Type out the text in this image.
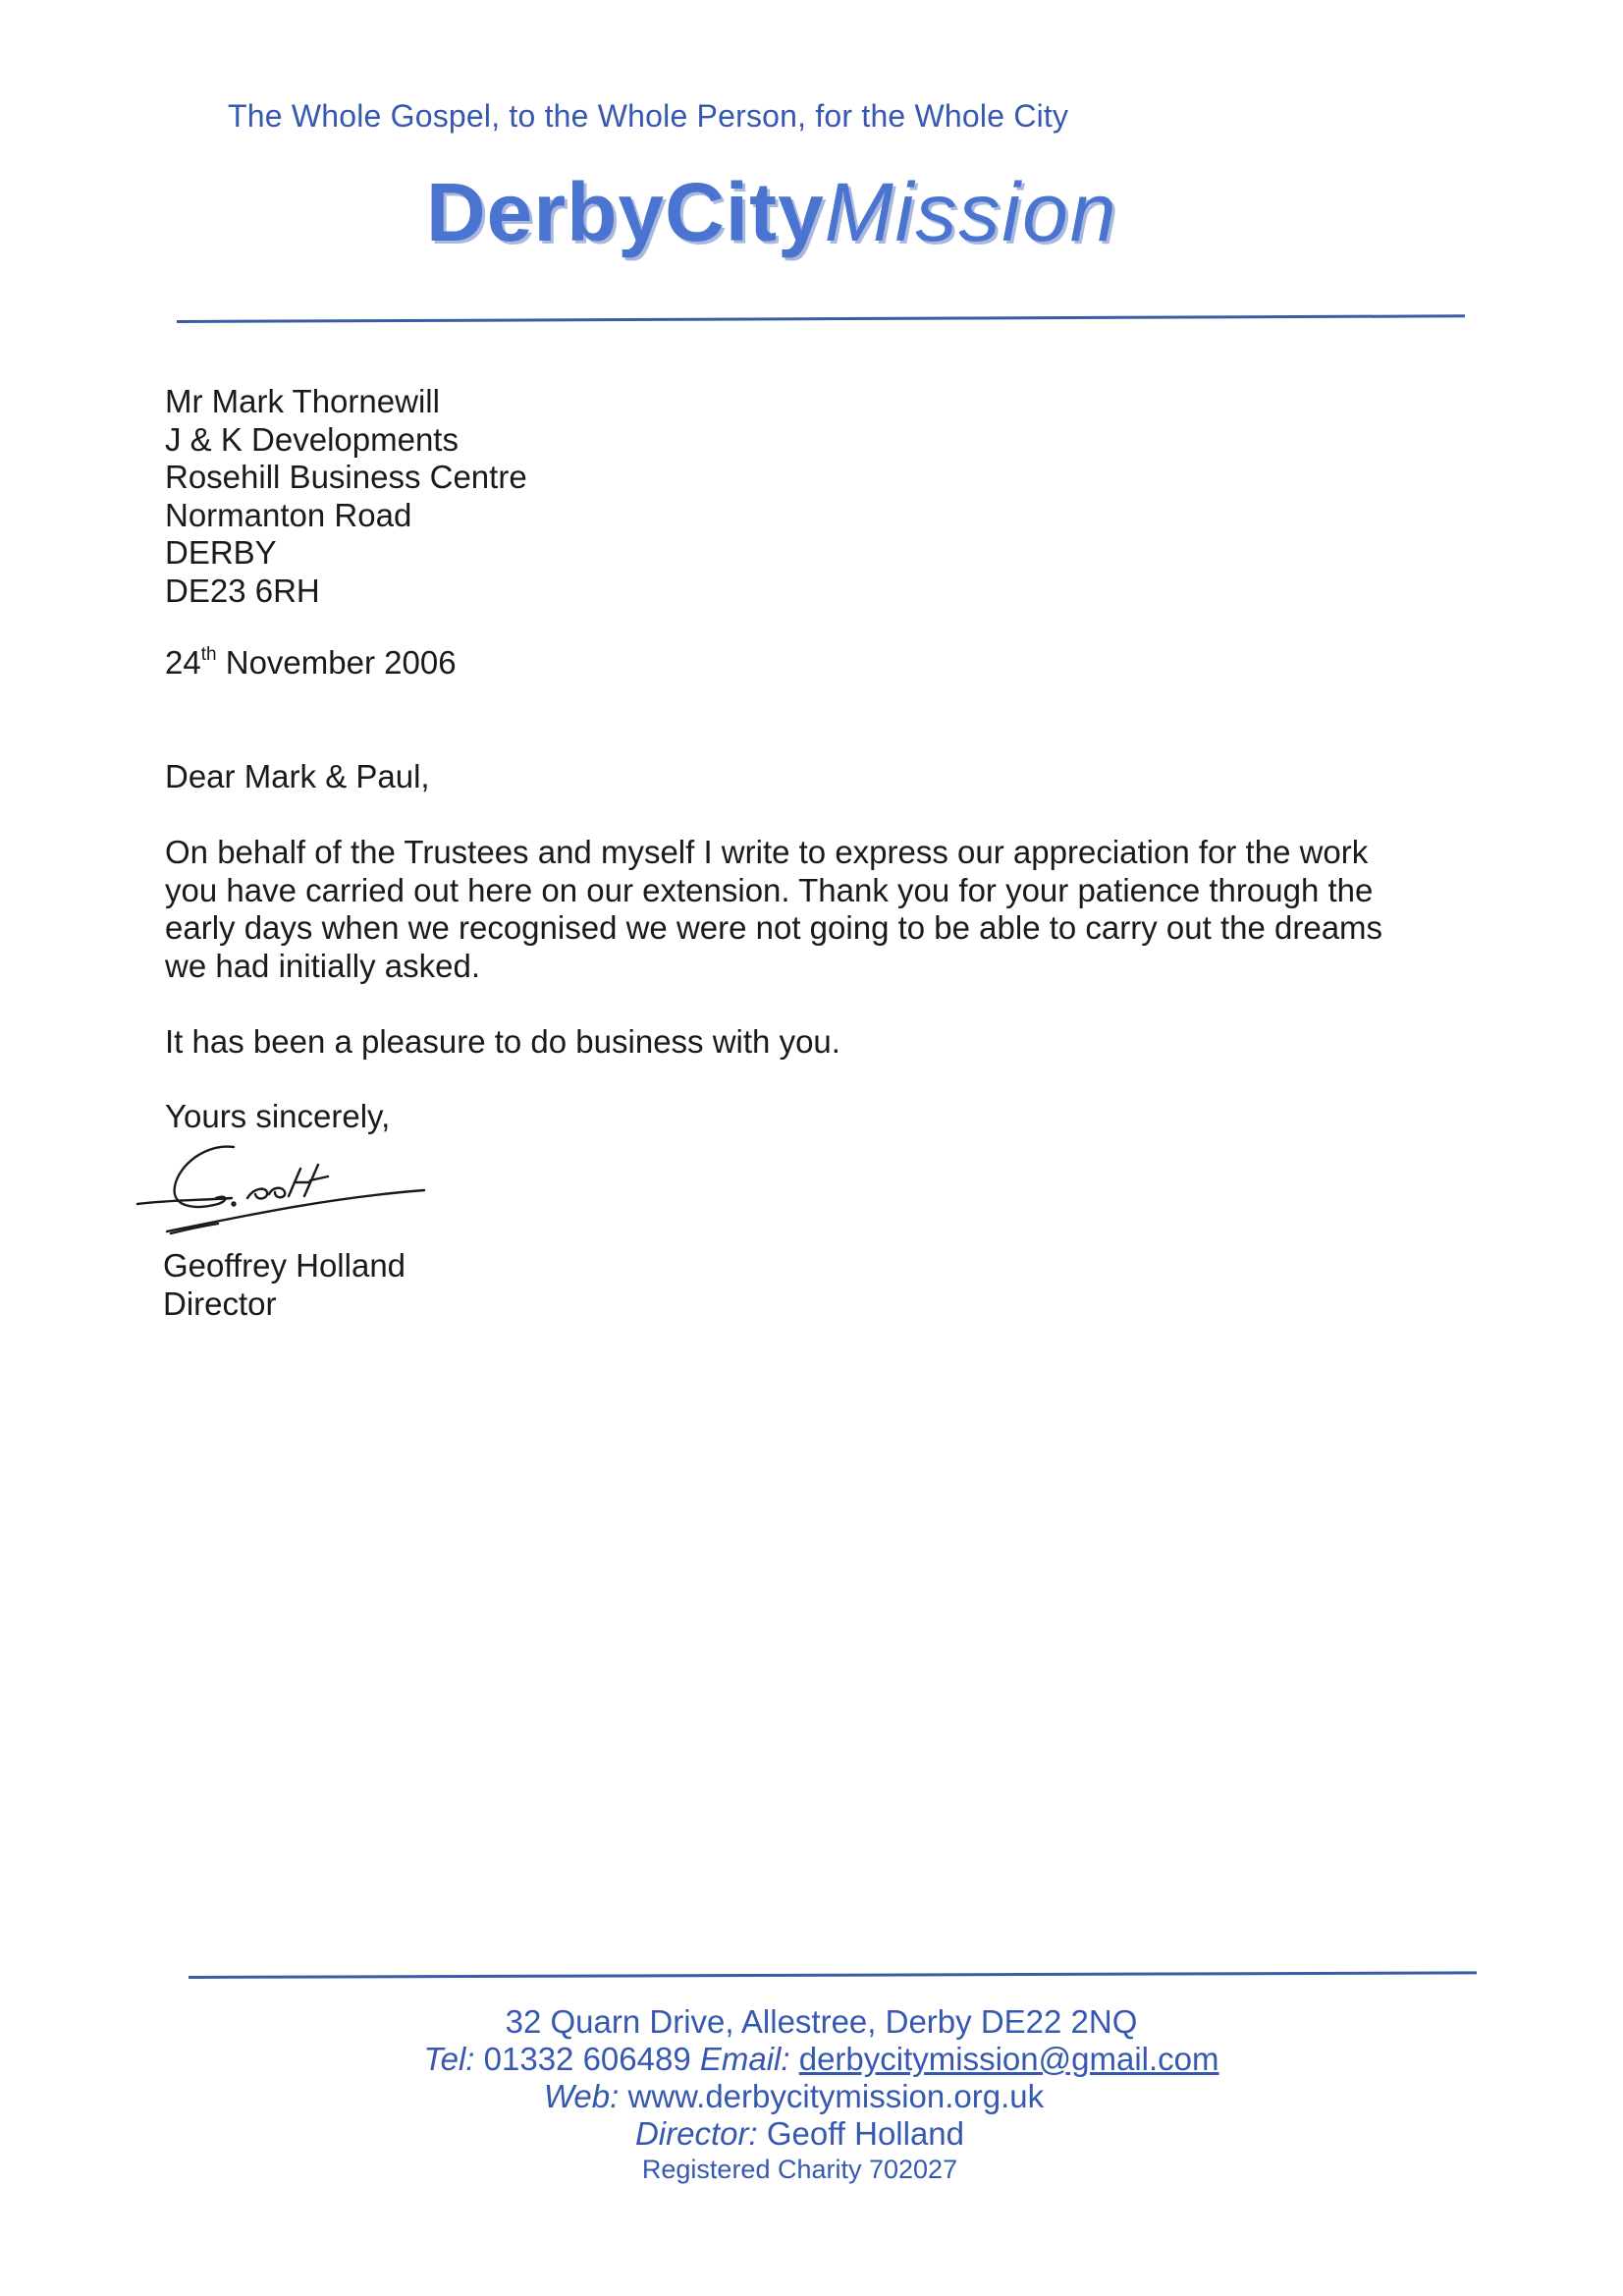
The Whole Gospel, to the Whole Person, for the Whole City
DerbyCityMission
Mr Mark Thornewill
J & K Developments
Rosehill Business Centre
Normanton Road
DERBY
DE23 6RH
24th November 2006
Dear Mark & Paul,
On behalf of the Trustees and myself I write to express our appreciation for the work
you have carried out here on our extension. Thank you for your patience through the
early days when we recognised we were not going to be able to carry out the dreams
we had initially asked.
It has been a pleasure to do business with you.
Yours sincerely,
Geoffrey Holland
Director
32 Quarn Drive, Allestree, Derby DE22 2NQ
Tel: 01332 606489 Email: derbycitymission@gmail.com
Web: www.derbycitymission.org.uk
Director: Geoff Holland
Registered Charity 702027
